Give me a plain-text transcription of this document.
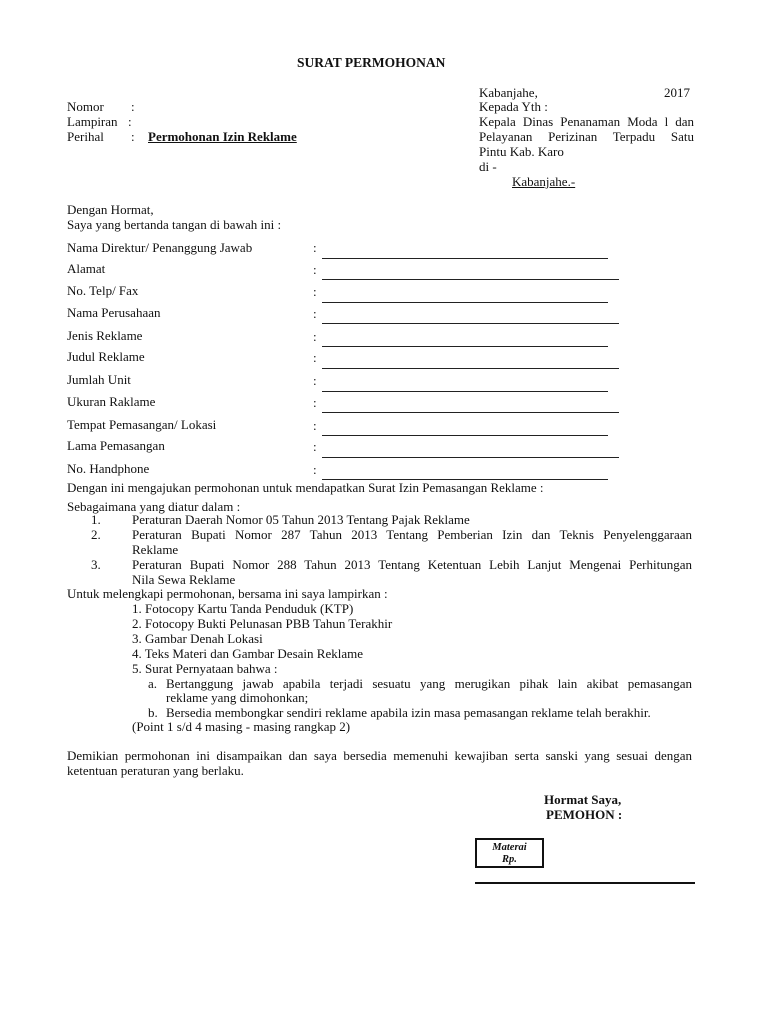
SURAT PERMOHONAN
Kabanjahe,	2017
Kepada Yth :
Kepala Dinas Penanaman Moda l dan
Pelayanan Perizinan Terpadu Satu
Pintu Kab. Karo
di -
Kabanjahe.-
Nomor :
Lampiran :
Perihal : Permohonan Izin Reklame
Dengan Hormat,
Saya yang bertanda tangan di bawah ini :
Nama Direktur/ Penanggung Jawab	:
Alamat	:
No. Telp/ Fax	:
Nama Perusahaan	:
Jenis Reklame	:
Judul Reklame	:
Jumlah Unit	:
Ukuran Raklame	:
Tempat Pemasangan/ Lokasi	:
Lama Pemasangan	:
No. Handphone	:
Dengan ini mengajukan permohonan untuk mendapatkan Surat Izin Pemasangan Reklame :
Sebagaimana yang diatur dalam :
1. Peraturan Daerah Nomor 05 Tahun 2013 Tentang Pajak Reklame
2. Peraturan Bupati Nomor 287 Tahun 2013 Tentang Pemberian Izin dan Teknis Penyelenggaraan
Reklame
3. Peraturan Bupati Nomor 288 Tahun 2013 Tentang Ketentuan Lebih Lanjut Mengenai Perhitungan
Nila Sewa Reklame
Untuk melengkapi permohonan, bersama ini saya lampirkan :
1. Fotocopy Kartu Tanda Penduduk (KTP)
2. Fotocopy Bukti Pelunasan PBB Tahun Terakhir
3. Gambar Denah Lokasi
4. Teks Materi dan Gambar Desain Reklame
5. Surat Pernyataan bahwa :
a. Bertanggung jawab apabila terjadi sesuatu yang merugikan pihak lain akibat pemasangan
reklame yang dimohonkan;
b. Bersedia membongkar sendiri reklame apabila izin masa pemasangan reklame telah berakhir.
(Point 1 s/d 4 masing - masing rangkap 2)
Demikian permohonan ini disampaikan dan saya bersedia memenuhi kewajiban serta sanski yang sesuai dengan
ketentuan peraturan yang berlaku.
Hormat Saya,
PEMOHON :
Materai
Rp.
